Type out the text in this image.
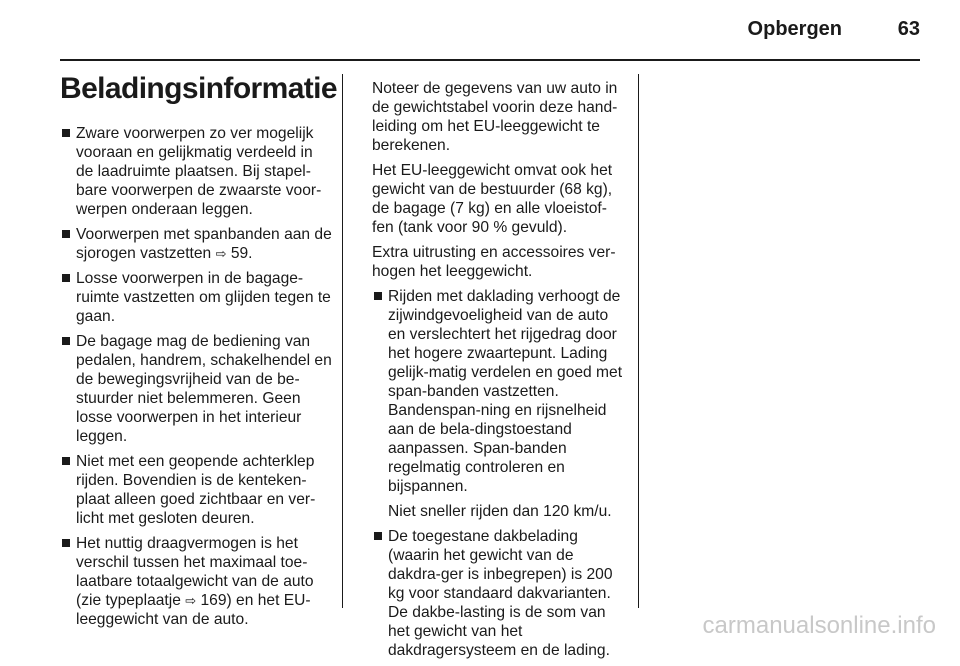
Opbergen	63
Beladingsinformatie
Zware voorwerpen zo ver mogelijk vooraan en gelijkmatig verdeeld in de laadruimte plaatsen. Bij stapel-bare voorwerpen de zwaarste voor-werpen onderaan leggen.
Voorwerpen met spanbanden aan de sjorogen vastzetten ⇨ 59.
Losse voorwerpen in de bagage-ruimte vastzetten om glijden tegen te gaan.
De bagage mag de bediening van pedalen, handrem, schakelhendel en de bewegingsvrijheid van de be-stuurder niet belemmeren. Geen losse voorwerpen in het interieur leggen.
Niet met een geopende achterklep rijden. Bovendien is de kenteken-plaat alleen goed zichtbaar en ver-licht met gesloten deuren.
Het nuttig draagvermogen is het verschil tussen het maximaal toe-laatbare totaalgewicht van de auto (zie typeplaatje ⇨ 169) en het EU-leeggewicht van de auto.

Noteer de gegevens van uw auto in de gewichtstabel voorin deze hand-leiding om het EU-leeggewicht te berekenen.

Het EU-leeggewicht omvat ook het gewicht van de bestuurder (68 kg), de bagage (7 kg) en alle vloeistof-fen (tank voor 90 % gevuld).

Extra uitrusting en accessoires ver-hogen het leeggewicht.

Rijden met daklading verhoogt de zijwindgevoeligheid van de auto en verslechtert het rijgedrag door het hogere zwaartepunt. Lading gelijk-matig verdelen en goed met span-banden vastzetten. Bandenspan-ning en rijsnelheid aan de bela-dingstoestand aanpassen. Span-banden regelmatig controleren en bijspannen.

Niet sneller rijden dan 120 km/u.

De toegestane dakbelading (waarin het gewicht van de dakdra-ger is inbegrepen) is 200 kg voor standaard dakvarianten. De dakbe-lasting is de som van het gewicht van het dakdragersysteem en de lading.
carmanualsonline.info
